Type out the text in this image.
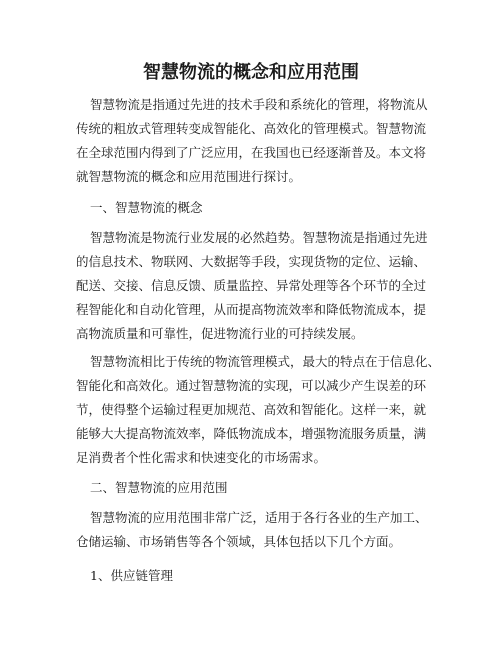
智慧物流的概念和应用范围
智慧物流是指通过先进的技术手段和系统化的管理，将物流从
传统的粗放式管理转变成智能化、高效化的管理模式。智慧物流
在全球范围内得到了广泛应用，在我国也已经逐渐普及。本文将
就智慧物流的概念和应用范围进行探讨。
一、智慧物流的概念
智慧物流是物流行业发展的必然趋势。智慧物流是指通过先进
的信息技术、物联网、大数据等手段，实现货物的定位、运输、
配送、交接、信息反馈、质量监控、异常处理等各个环节的全过
程智能化和自动化管理，从而提高物流效率和降低物流成本，提
高物流质量和可靠性，促进物流行业的可持续发展。
智慧物流相比于传统的物流管理模式，最大的特点在于信息化、
智能化和高效化。通过智慧物流的实现，可以减少产生误差的环
节，使得整个运输过程更加规范、高效和智能化。这样一来，就
能够大大提高物流效率，降低物流成本，增强物流服务质量，满
足消费者个性化需求和快速变化的市场需求。
二、智慧物流的应用范围
智慧物流的应用范围非常广泛，适用于各行各业的生产加工、
仓储运输、市场销售等各个领域，具体包括以下几个方面。
1、供应链管理
